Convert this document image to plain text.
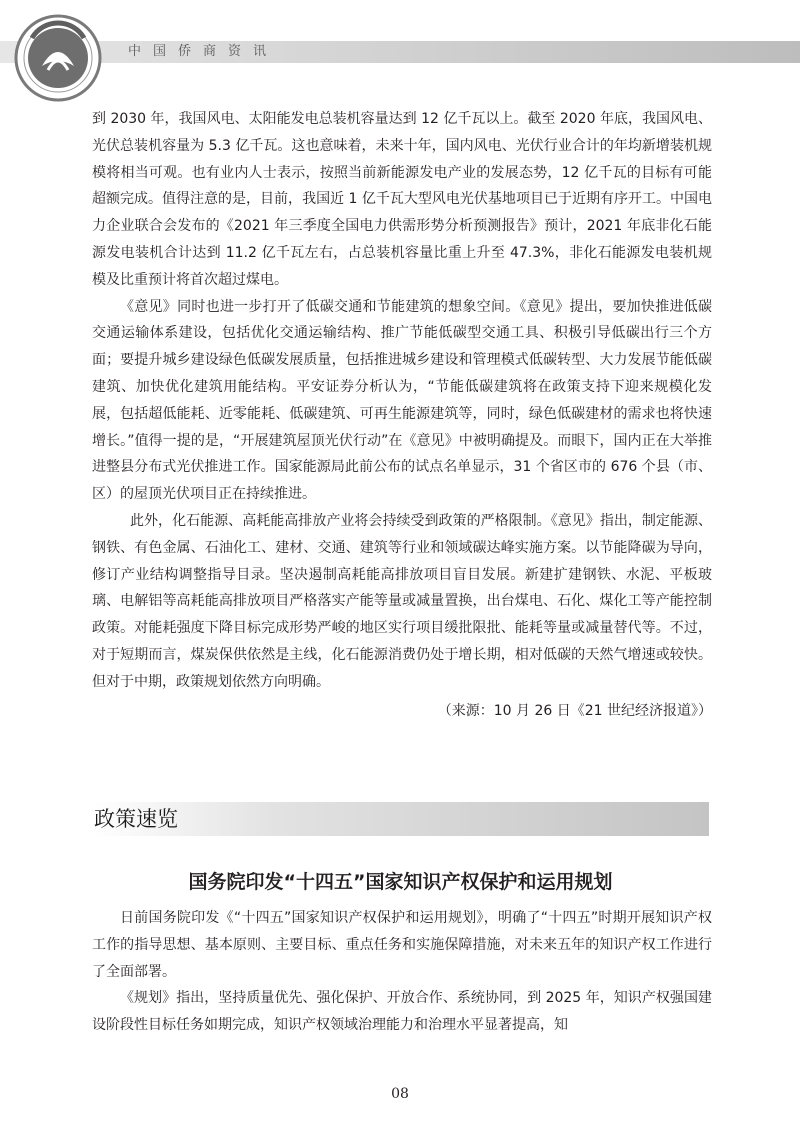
中国侨商资讯

到 2030 年，我国风电、太阳能发电总装机容量达到 12 亿千瓦以上。截至 2020 年底，我国风电、光伏总装机容量为 5.3 亿千瓦。这也意味着，未来十年，国内风电、光伏行业合计的年均新增装机规模将相当可观。也有业内人士表示，按照当前新能源发电产业的发展态势，12 亿千瓦的目标有可能超额完成。值得注意的是，目前，我国近 1 亿千瓦大型风电光伏基地项目已于近期有序开工。中国电力企业联合会发布的《2021 年三季度全国电力供需形势分析预测报告》预计，2021 年底非化石能源发电装机合计达到 11.2 亿千瓦左右，占总装机容量比重上升至 47.3%，非化石能源发电装机规模及比重预计将首次超过煤电。

《意见》同时也进一步打开了低碳交通和节能建筑的想象空间。《意见》提出，要加快推进低碳交通运输体系建设，包括优化交通运输结构、推广节能低碳型交通工具、积极引导低碳出行三个方面；要提升城乡建设绿色低碳发展质量，包括推进城乡建设和管理模式低碳转型、大力发展节能低碳建筑、加快优化建筑用能结构。平安证券分析认为，“节能低碳建筑将在政策支持下迎来规模化发展，包括超低能耗、近零能耗、低碳建筑、可再生能源建筑等，同时，绿色低碳建材的需求也将快速增长。”值得一提的是，“开展建筑屋顶光伏行动”在《意见》中被明确提及。而眼下，国内正在大举推进整县分布式光伏推进工作。国家能源局此前公布的试点名单显示，31 个省区市的 676 个县（市、区）的屋顶光伏项目正在持续推进。

此外，化石能源、高耗能高排放产业将会持续受到政策的严格限制。《意见》指出，制定能源、钢铁、有色金属、石油化工、建材、交通、建筑等行业和领域碳达峰实施方案。以节能降碳为导向，修订产业结构调整指导目录。坚决遏制高耗能高排放项目盲目发展。新建扩建钢铁、水泥、平板玻璃、电解铝等高耗能高排放项目严格落实产能等量或减量置换，出台煤电、石化、煤化工等产能控制政策。对能耗强度下降目标完成形势严峻的地区实行项目缓批限批、能耗等量或减量替代等。不过，对于短期而言，煤炭保供依然是主线，化石能源消费仍处于增长期，相对低碳的天然气增速或较快。但对于中期，政策规划依然方向明确。

（来源：10 月 26 日《21 世纪经济报道》）

政策速览
国务院印发“十四五”国家知识产权保护和运用规划

日前国务院印发《“十四五”国家知识产权保护和运用规划》，明确了“十四五”时期开展知识产权工作的指导思想、基本原则、主要目标、重点任务和实施保障措施，对未来五年的知识产权工作进行了全面部署。

《规划》指出，坚持质量优先、强化保护、开放合作、系统协同，到 2025 年，知识产权强国建设阶段性目标任务如期完成，知识产权领域治理能力和治理水平显著提高，知

08
